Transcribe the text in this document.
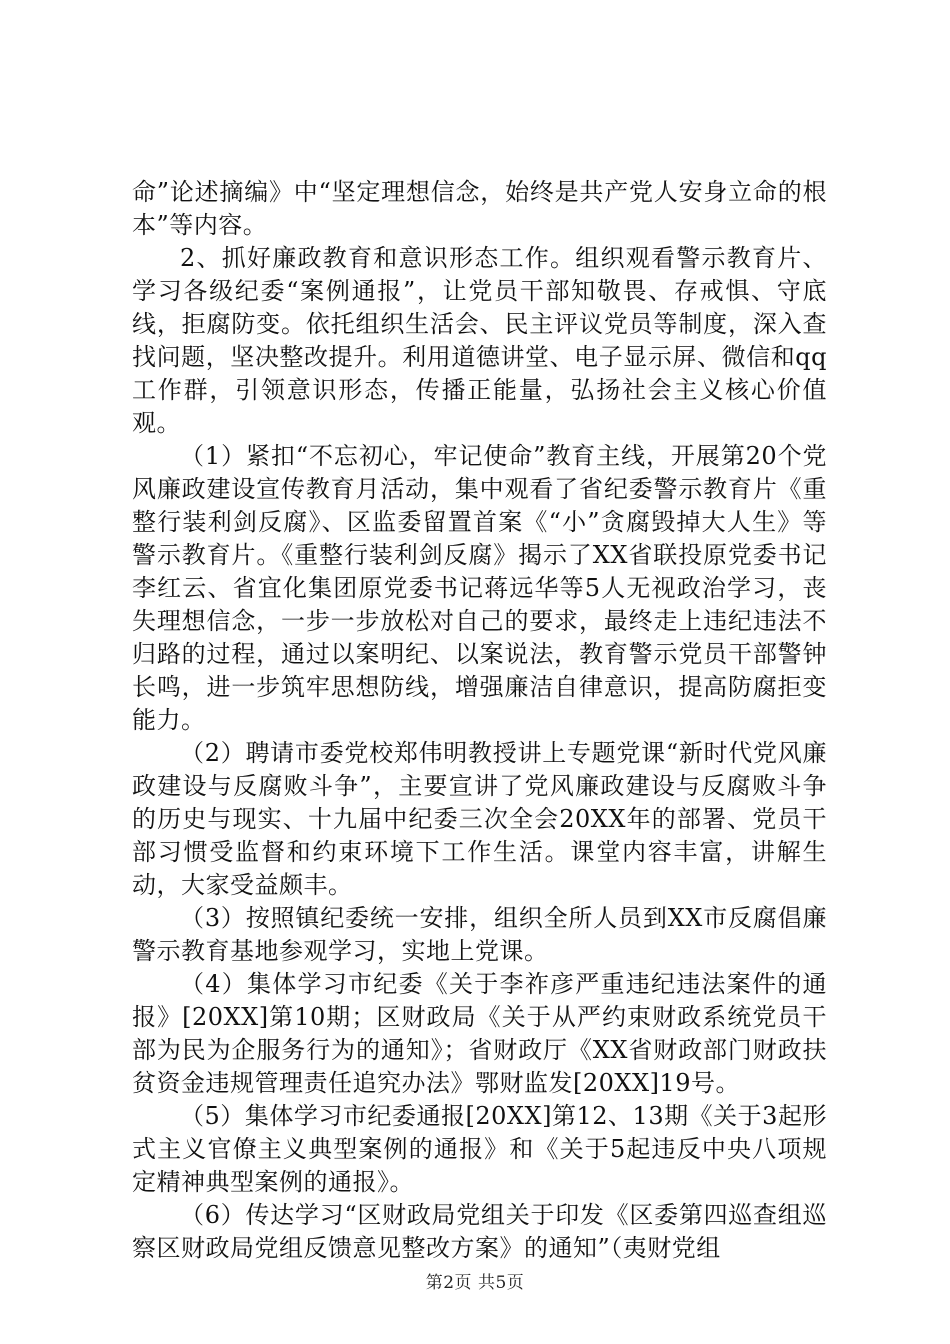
命”论述摘编》中“坚定理想信念，始终是共产党人安身立命的根本”等内容。

2、抓好廉政教育和意识形态工作。组织观看警示教育片、学习各级纪委“案例通报”，让党员干部知敬畏、存戒惧、守底线，拒腐防变。依托组织生活会、民主评议党员等制度，深入查找问题，坚决整改提升。利用道德讲堂、电子显示屏、微信和qq工作群，引领意识形态，传播正能量，弘扬社会主义核心价值观。

（1）紧扣“不忘初心，牢记使命”教育主线，开展第20个党风廉政建设宣传教育月活动，集中观看了省纪委警示教育片《重整行装利剑反腐》、区监委留置首案《“小”贪腐毁掉大人生》等警示教育片。《重整行装利剑反腐》揭示了XX省联投原党委书记李红云、省宜化集团原党委书记蒋远华等5人无视政治学习，丧失理想信念，一步一步放松对自己的要求，最终走上违纪违法不归路的过程，通过以案明纪、以案说法，教育警示党员干部警钟长鸣，进一步筑牢思想防线，增强廉洁自律意识，提高防腐拒变能力。

（2）聘请市委党校郑伟明教授讲上专题党课“新时代党风廉政建设与反腐败斗争”，主要宣讲了党风廉政建设与反腐败斗争的历史与现实、十九届中纪委三次全会20XX年的部署、党员干部习惯受监督和约束环境下工作生活。课堂内容丰富，讲解生动，大家受益颇丰。

（3）按照镇纪委统一安排，组织全所人员到XX市反腐倡廉警示教育基地参观学习，实地上党课。

（4）集体学习市纪委《关于李祚彦严重违纪违法案件的通报》[20XX]第10期；区财政局《关于从严约束财政系统党员干部为民为企服务行为的通知》；省财政厅《XX省财政部门财政扶贫资金违规管理责任追究办法》鄂财监发[20XX]19号。

（5）集体学习市纪委通报[20XX]第12、13期《关于3起形式主义官僚主义典型案例的通报》和《关于5起违反中央八项规定精神典型案例的通报》。

（6）传达学习“区财政局党组关于印发《区委第四巡查组巡察区财政局党组反馈意见整改方案》的通知”（夷财党组

第2页 共5页
